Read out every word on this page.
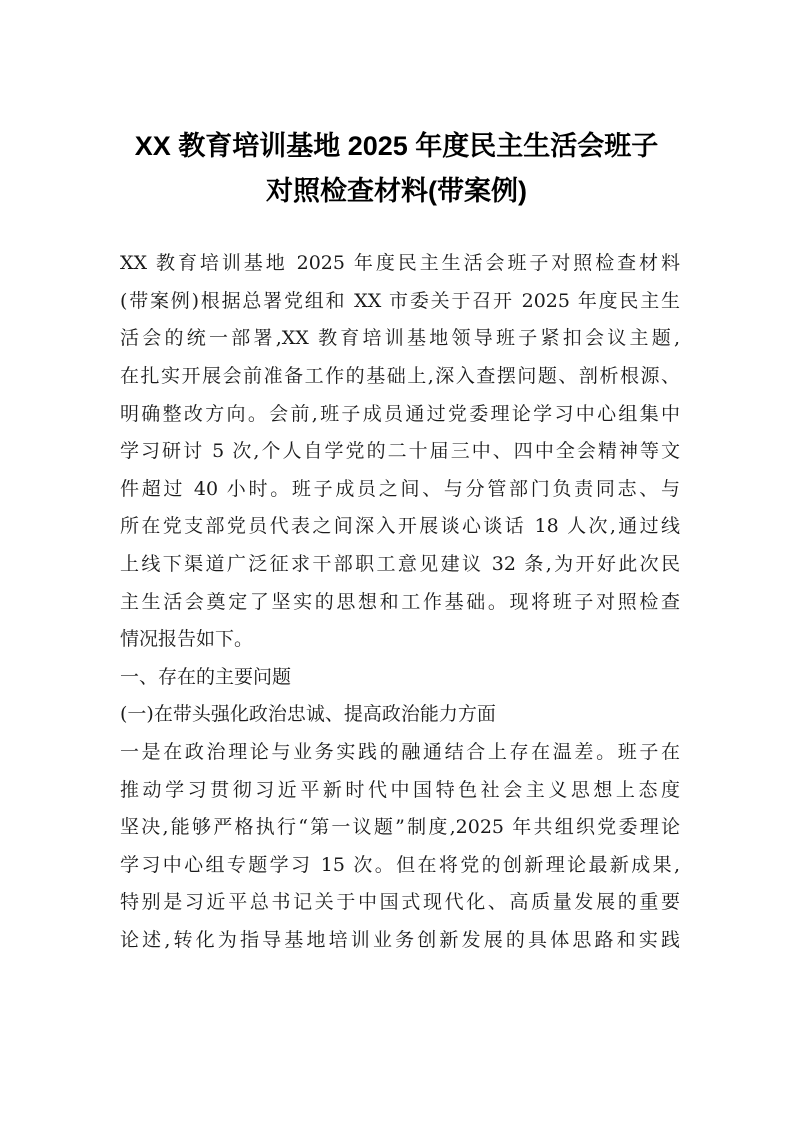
XX 教育培训基地 2025 年度民主生活会班子
对照检查材料(带案例)
XX 教育培训基地 2025 年度民主生活会班子对照检查材料
(带案例)根据总署党组和 XX 市委关于召开 2025 年度民主生
活会的统一部署,XX 教育培训基地领导班子紧扣会议主题,
在扎实开展会前准备工作的基础上,深入查摆问题、剖析根源、
明确整改方向。会前,班子成员通过党委理论学习中心组集中
学习研讨 5 次,个人自学党的二十届三中、四中全会精神等文
件超过 40 小时。班子成员之间、与分管部门负责同志、与
所在党支部党员代表之间深入开展谈心谈话 18 人次,通过线
上线下渠道广泛征求干部职工意见建议 32 条,为开好此次民
主生活会奠定了坚实的思想和工作基础。现将班子对照检查
情况报告如下。
一、存在的主要问题
(一)在带头强化政治忠诚、提高政治能力方面
一是在政治理论与业务实践的融通结合上存在温差。班子在
推动学习贯彻习近平新时代中国特色社会主义思想上态度
坚决,能够严格执行“第一议题”制度,2025 年共组织党委理论
学习中心组专题学习 15 次。但在将党的创新理论最新成果,
特别是习近平总书记关于中国式现代化、高质量发展的重要
论述,转化为指导基地培训业务创新发展的具体思路和实践
